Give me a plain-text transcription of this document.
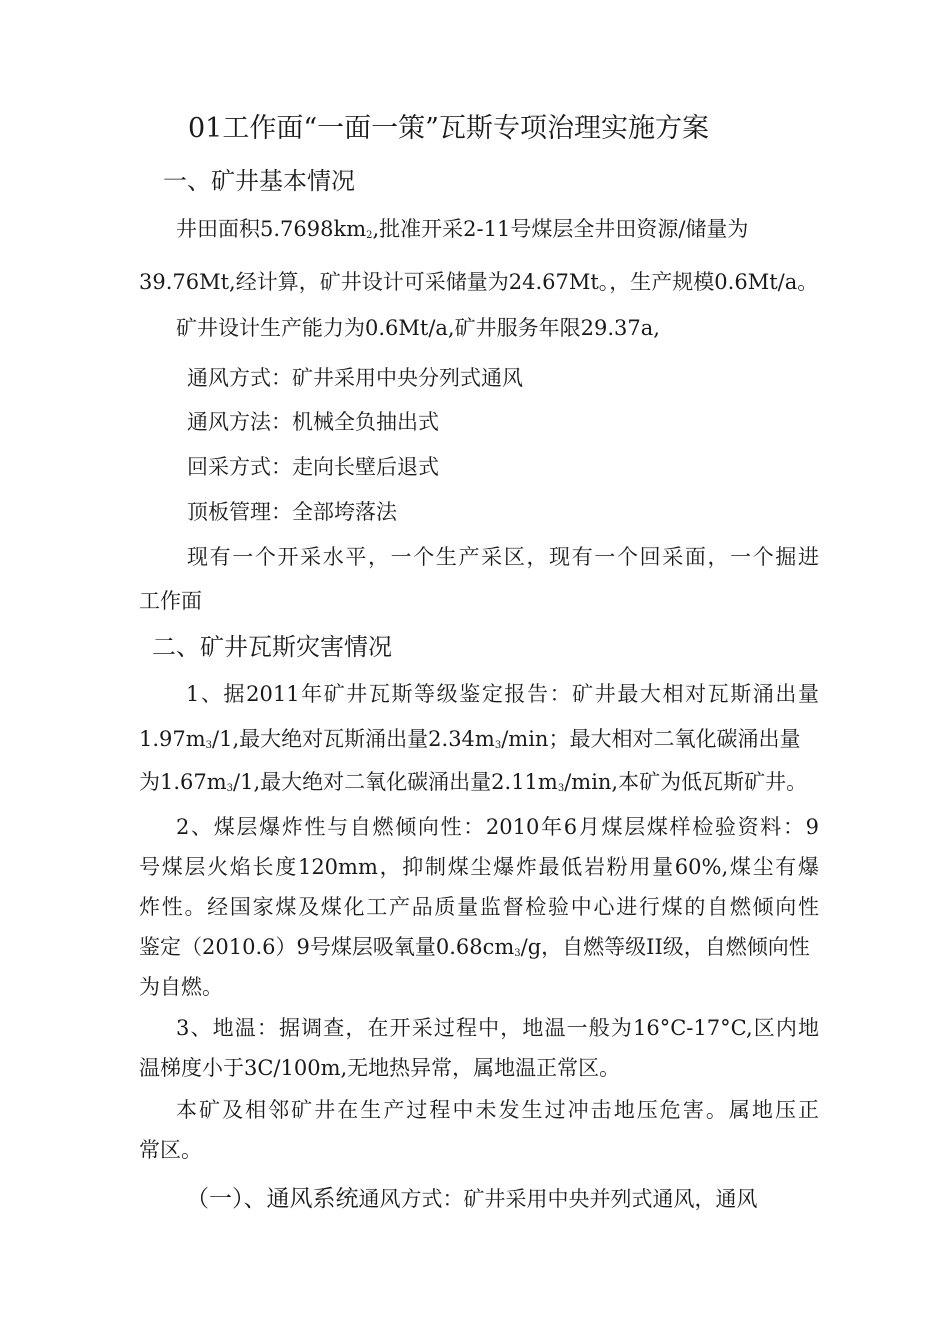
01工作面“一面一策”瓦斯专项治理实施方案
一、矿井基本情况
井田面积$5.7698km_2$,批准开采2-11号煤层全井田资源/储量为
39.76Mt,经计算，矿井设计可采储量为24.67Mt。，生产规模0.6Mt/a。
矿井设计生产能力为0.6Mt/a,矿井服务年限29.37a,
通风方式：矿井采用中央分列式通风
通风方法：机械全负抽出式
回采方式：走向长壁后退式
顶板管理：全部垮落法
现有一个开采水平，一个生产采区，现有一个回采面，一个掘进
工作面
二、矿井瓦斯灾害情况
1、据2011年矿井瓦斯等级鉴定报告：矿井最大相对瓦斯涌出量
$1.97m_3/1$,最大绝对瓦斯涌出量$2.34m_3/\min$；最大相对二氧化碳涌出量
为$1.67m_3/1$,最大绝对二氧化碳涌出量$2.11m_3/\min$,本矿为低瓦斯矿井。
2、煤层爆炸性与自燃倾向性：2010年6月煤层煤样检验资料：9
号煤层火焰长度120mm，抑制煤尘爆炸最低岩粉用量60%,煤尘有爆
炸性。经国家煤及煤化工产品质量监督检验中心进行煤的自燃倾向性
鉴定（2010.6）9号煤层吸氧量$0.68cm_3/g$，自燃等级II级，自燃倾向性
为自燃。
3、地温：据调查，在开采过程中，地温一般为16°C-17°C,区内地
温梯度小于3C/100m,无地热异常，属地温正常区。
本矿及相邻矿井在生产过程中未发生过冲击地压危害。属地压正
常区。
（一）、通风系统通风方式：矿井采用中央并列式通风，通风
